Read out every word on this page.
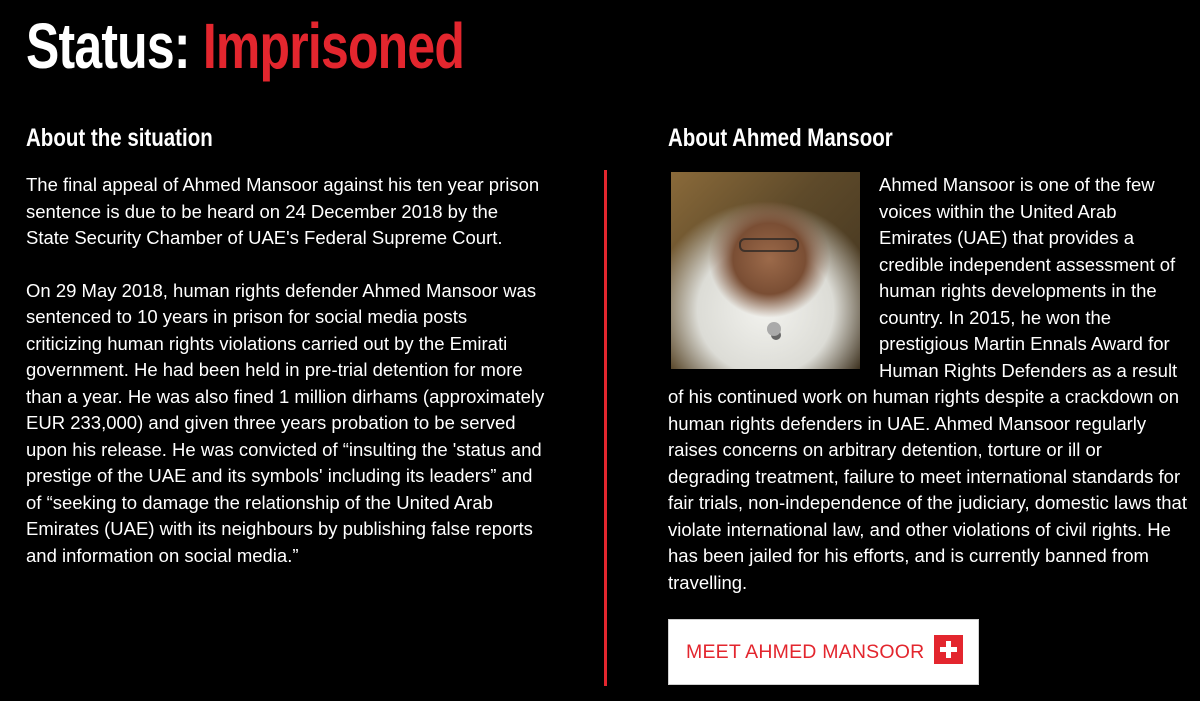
Status: Imprisoned
About the situation

The final appeal of Ahmed Mansoor against his ten year prison sentence is due to be heard on 24 December 2018 by the State Security Chamber of UAE's Federal Supreme Court.

On 29 May 2018, human rights defender Ahmed Mansoor was sentenced to 10 years in prison for social media posts criticizing human rights violations carried out by the Emirati government. He had been held in pre-trial detention for more than a year. He was also fined 1 million dirhams (approximately EUR 233,000) and given three years probation to be served upon his release. He was convicted of “insulting the 'status and prestige of the UAE and its symbols' including its leaders” and of “seeking to damage the relationship of the United Arab Emirates (UAE) with its neighbours by publishing false reports and information on social media.”

About Ahmed Mansoor

Ahmed Mansoor is one of the few voices within the United Arab Emirates (UAE) that provides a credible independent assessment of human rights developments in the country. In 2015, he won the prestigious Martin Ennals Award for Human Rights Defenders as a result of his continued work on human rights despite a crackdown on human rights defenders in UAE. Ahmed Mansoor regularly raises concerns on arbitrary detention, torture or ill or degrading treatment, failure to meet international standards for fair trials, non-independence of the judiciary, domestic laws that violate international law, and other violations of civil rights. He has been jailed for his efforts, and is currently banned from travelling.

MEET AHMED MANSOOR
